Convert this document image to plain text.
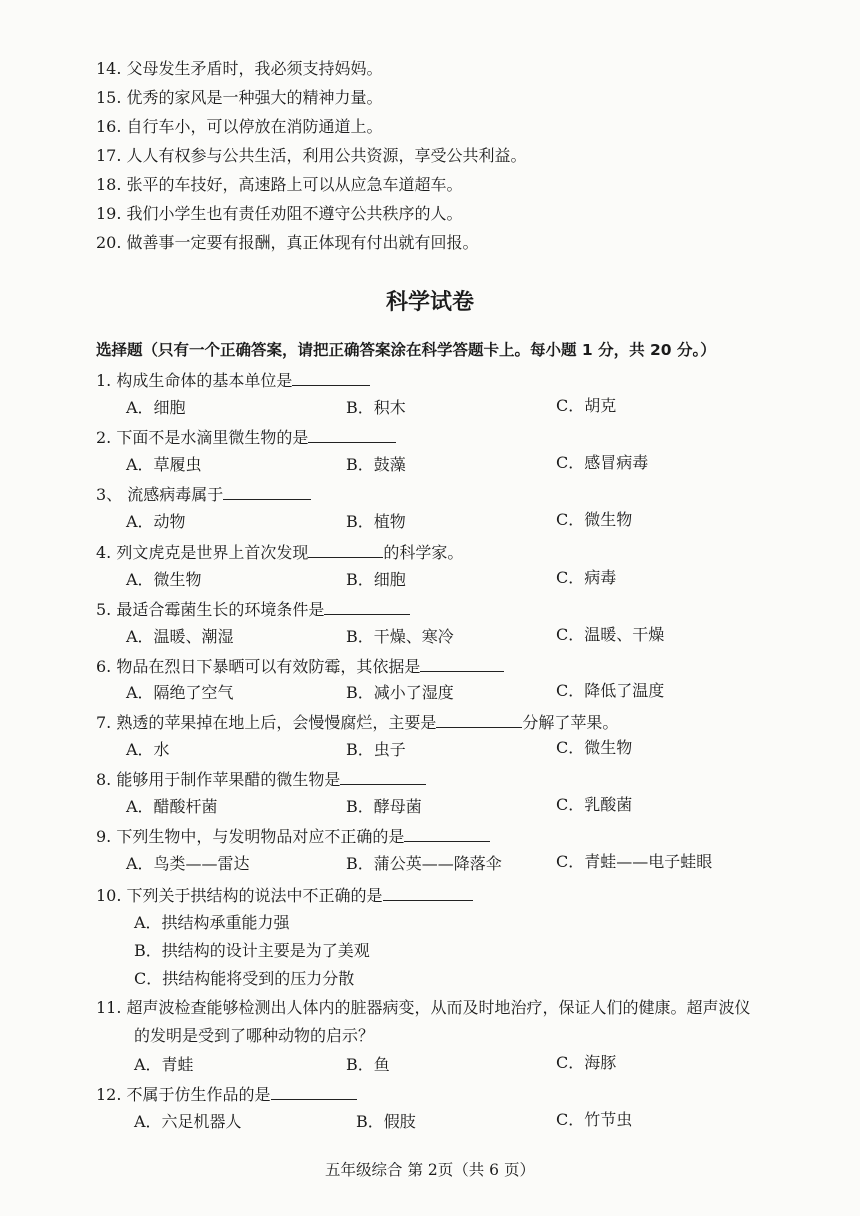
14. 父母发生矛盾时，我必须支持妈妈。
15. 优秀的家风是一种强大的精神力量。
16. 自行车小，可以停放在消防通道上。
17. 人人有权参与公共生活，利用公共资源，享受公共利益。
18. 张平的车技好，高速路上可以从应急车道超车。
19. 我们小学生也有责任劝阻不遵守公共秩序的人。
20. 做善事一定要有报酬，真正体现有付出就有回报。
科学试卷
选择题（只有一个正确答案，请把正确答案涂在科学答题卡上。每小题 1 分，共 20 分。）
1. 构成生命体的基本单位是
A．细胞	B．积木	C．胡克
2. 下面不是水滴里微生物的是
A．草履虫	B．鼓藻	C．感冒病毒
3、 流感病毒属于
A．动物	B．植物	C．微生物
4. 列文虎克是世界上首次发现	的科学家。
A．微生物	B．细胞	C．病毒
5. 最适合霉菌生长的环境条件是
A．温暖、潮湿	B．干燥、寒冷	C．温暖、干燥
6. 物品在烈日下暴晒可以有效防霉，其依据是
A．隔绝了空气	B．减小了湿度	C．降低了温度
7. 熟透的苹果掉在地上后，会慢慢腐烂，主要是	分解了苹果。
A．水	B．虫子	C．微生物
8. 能够用于制作苹果醋的微生物是
A．醋酸杆菌	B．酵母菌	C．乳酸菌
9. 下列生物中，与发明物品对应不正确的是
A．鸟类——雷达	B．蒲公英——降落伞	C．青蛙——电子蛙眼
10. 下列关于拱结构的说法中不正确的是
A．拱结构承重能力强
B．拱结构的设计主要是为了美观
C．拱结构能将受到的压力分散
11. 超声波检查能够检测出人体内的脏器病变，从而及时地治疗，保证人们的健康。超声波仪
的发明是受到了哪种动物的启示？
A．青蛙	B．鱼	C．海豚
12. 不属于仿生作品的是
A．六足机器人	B．假肢	C．竹节虫
五年级综合 第 2页（共 6 页）
